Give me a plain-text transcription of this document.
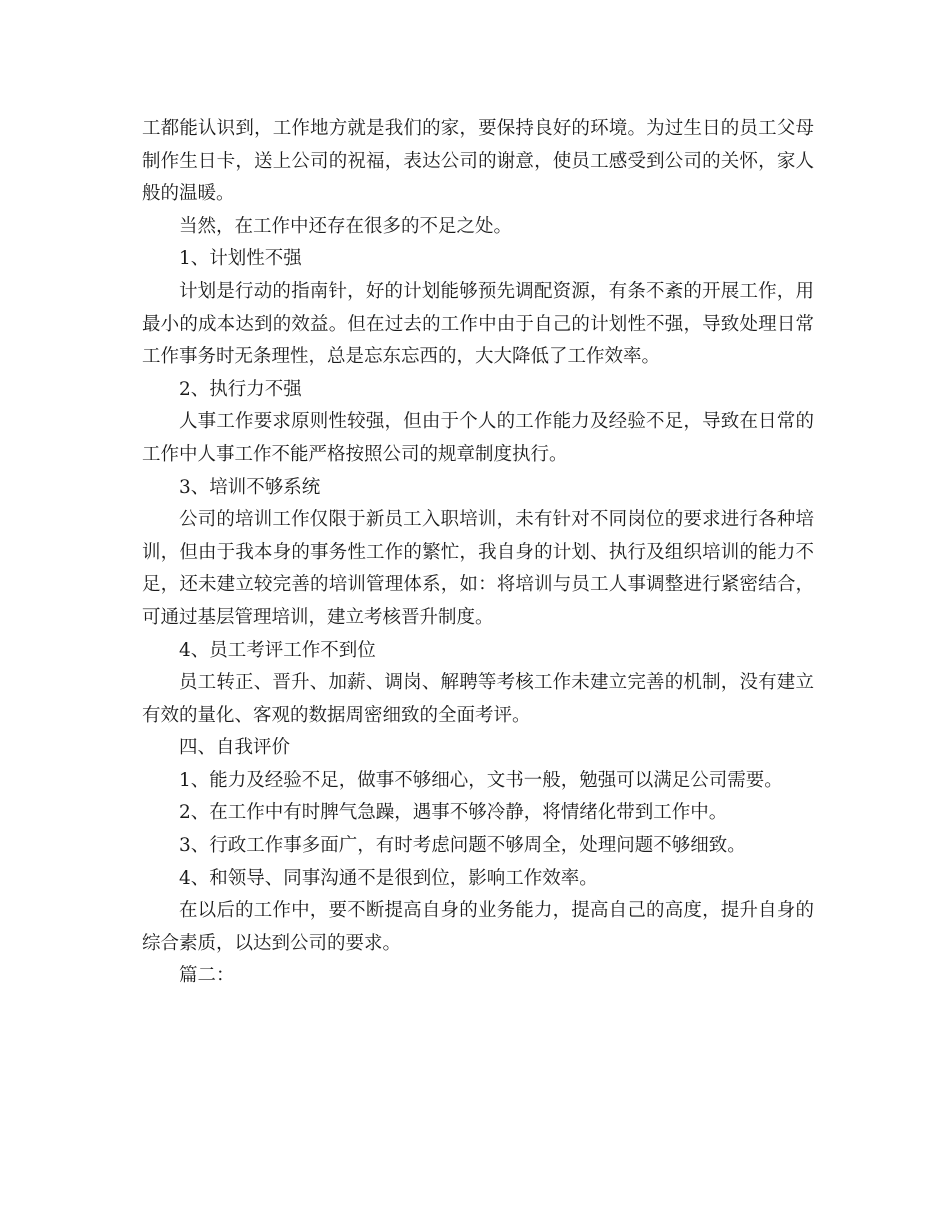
工都能认识到，工作地方就是我们的家，要保持良好的环境。为过生日的员工父母制作生日卡，送上公司的祝福，表达公司的谢意，使员工感受到公司的关怀，家人般的温暖。

当然，在工作中还存在很多的不足之处。

1、计划性不强

计划是行动的指南针，好的计划能够预先调配资源，有条不紊的开展工作，用最小的成本达到的效益。但在过去的工作中由于自己的计划性不强，导致处理日常工作事务时无条理性，总是忘东忘西的，大大降低了工作效率。

2、执行力不强

人事工作要求原则性较强，但由于个人的工作能力及经验不足，导致在日常的工作中人事工作不能严格按照公司的规章制度执行。

3、培训不够系统

公司的培训工作仅限于新员工入职培训，未有针对不同岗位的要求进行各种培训，但由于我本身的事务性工作的繁忙，我自身的计划、执行及组织培训的能力不足，还未建立较完善的培训管理体系，如：将培训与员工人事调整进行紧密结合，可通过基层管理培训，建立考核晋升制度。

4、员工考评工作不到位

员工转正、晋升、加薪、调岗、解聘等考核工作未建立完善的机制，没有建立有效的量化、客观的数据周密细致的全面考评。

四、自我评价

1、能力及经验不足，做事不够细心，文书一般，勉强可以满足公司需要。

2、在工作中有时脾气急躁，遇事不够冷静，将情绪化带到工作中。

3、行政工作事多面广，有时考虑问题不够周全，处理问题不够细致。

4、和领导、同事沟通不是很到位，影响工作效率。

在以后的工作中，要不断提高自身的业务能力，提高自己的高度，提升自身的综合素质，以达到公司的要求。

篇二：
